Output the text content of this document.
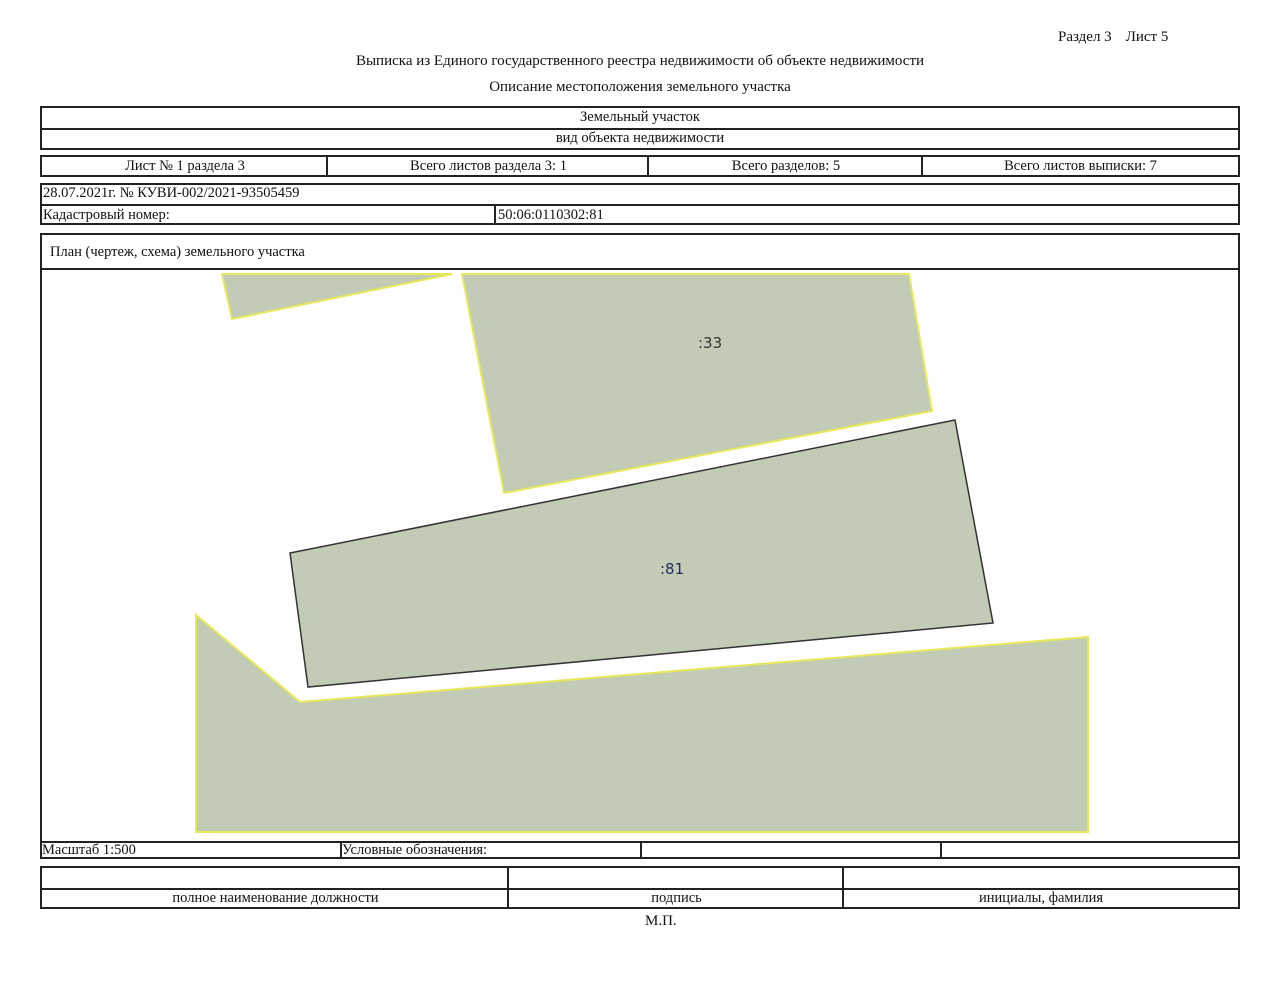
Раздел 3 Лист 5
Выписка из Единого государственного реестра недвижимости об объекте недвижимости
Описание местоположения земельного участка
Земельный участок
вид объекта недвижимости
Лист № 1 раздела 3	Всего листов раздела 3: 1	Всего разделов: 5	Всего листов выписки: 7
28.07.2021г. № КУВИ-002/2021-93505459
Кадастровый номер:	50:06:0110302:81
План (чертеж, схема) земельного участка
:33
:81
Масштаб 1:500	Условные обозначения:
полное наименование должности	подпись	инициалы, фамилия
М.П.
